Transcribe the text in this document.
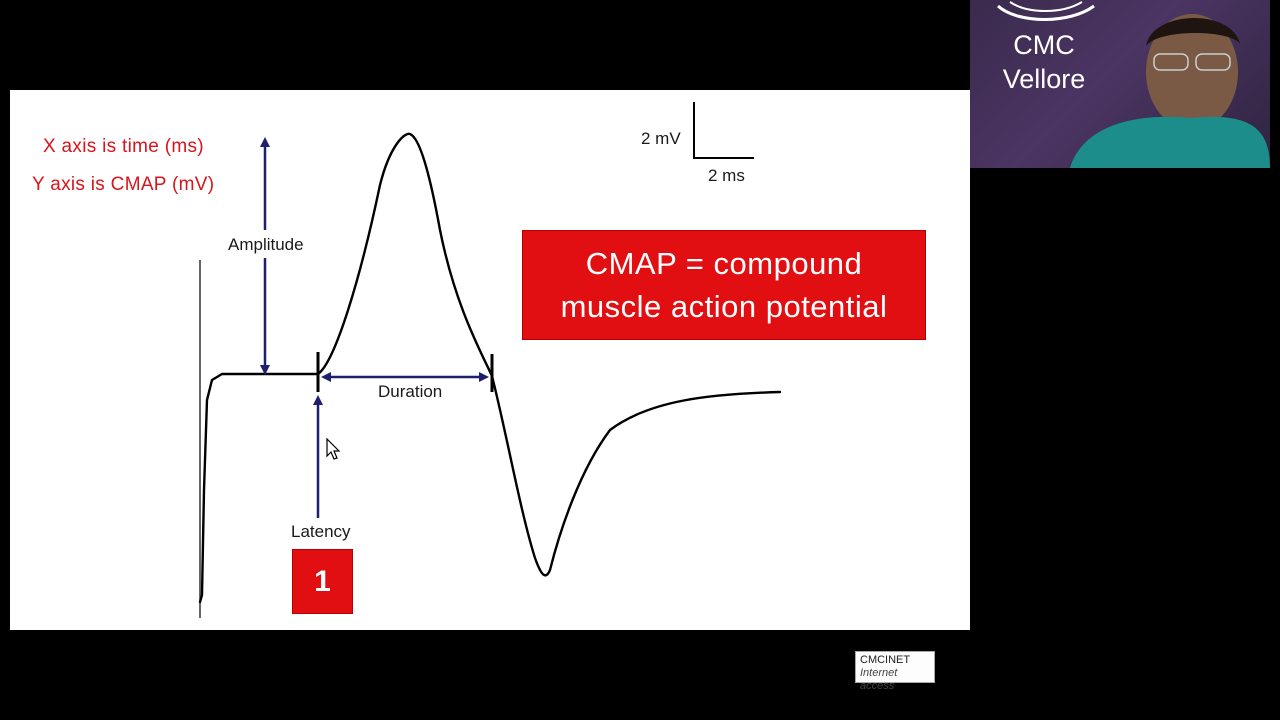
X axis is time (ms)
Y axis is CMAP (mV)
Amplitude
Duration
Latency
2 mV
2 ms
CMAP = compound
muscle action potential
1
CMC
Vellore
CMCINET
Internet access
